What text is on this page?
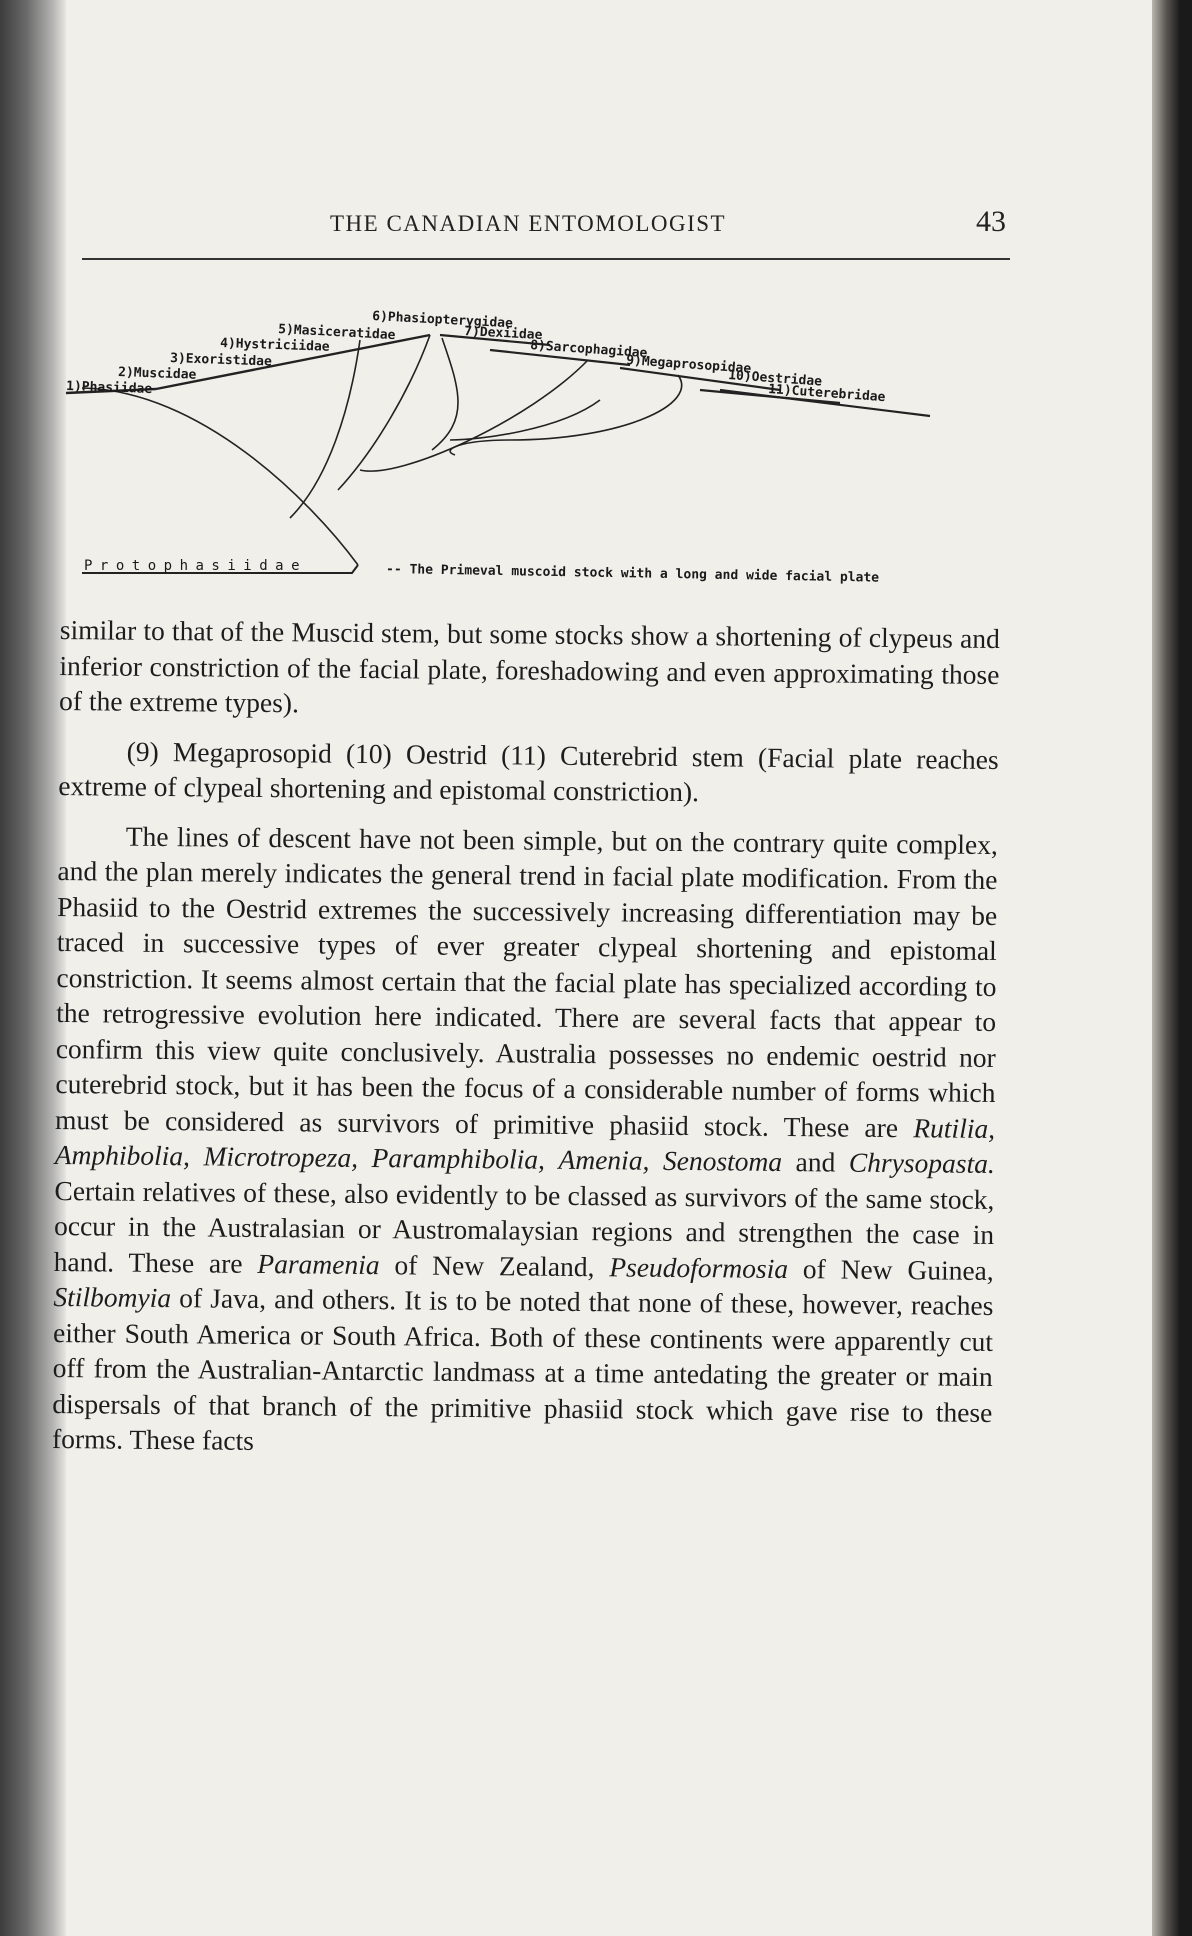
THE CANADIAN ENTOMOLOGIST	43
6)Phasiopterygidae
5)Masiceratidae	7)Dexiidae
4)Hystriciidae	8)Sarcophagidae
3)Exoristidae	9)Megaprosopidae
2)Muscidae	10)Oestridae
1)Phasiidae	11)Cuterebridae
Protophasiidae	-- The Primeval muscoid stock with a long and wide facial plate

similar to that of the Muscid stem, but some stocks show a shortening of clypeus and inferior constriction of the facial plate, foreshadowing and even approximating those of the extreme types).

(9) Megaprosopid (10) Oestrid (11) Cuterebrid stem (Facial plate reaches extreme of clypeal shortening and epistomal constriction).

The lines of descent have not been simple, but on the contrary quite complex, and the plan merely indicates the general trend in facial plate modification. From the Phasiid to the Oestrid extremes the successively increasing differentiation may be traced in successive types of ever greater clypeal shortening and epistomal constriction. It seems almost certain that the facial plate has specialized according to the retrogressive evolution here indicated. There are several facts that appear to confirm this view quite conclusively. Australia possesses no endemic oestrid nor cuterebrid stock, but it has been the focus of a considerable number of forms which must be considered as survivors of primitive phasiid stock. These are Rutilia, Amphibolia, Microtropeza, Paramphibolia, Amenia, Senostoma and Chrysopasta. Certain relatives of these, also evidently to be classed as survivors of the same stock, occur in the Australasian or Austromalaysian regions and strengthen the case in hand. These are Paramenia of New Zealand, Pseudoformosia of New Guinea, Stilbomyia of Java, and others. It is to be noted that none of these, however, reaches either South America or South Africa. Both of these continents were apparently cut off from the Australian-Antarctic landmass at a time antedating the greater or main dispersals of that branch of the primitive phasiid stock which gave rise to these forms. These facts
